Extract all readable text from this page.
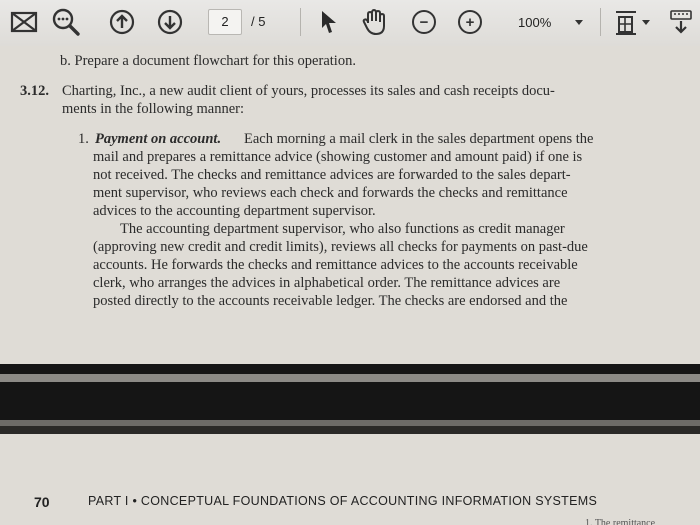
2	/ 5	−	+	100%
b. Prepare a document flowchart for this operation.
3.12. Charting, Inc., a new audit client of yours, processes its sales and cash receipts docu-
ments in the following manner:
1. Payment on account. Each morning a mail clerk in the sales department opens the
mail and prepares a remittance advice (showing customer and amount paid) if one is
not received. The checks and remittance advices are forwarded to the sales depart-
ment supervisor, who reviews each check and forwards the checks and remittance
advices to the accounting department supervisor.
The accounting department supervisor, who also functions as credit manager
(approving new credit and credit limits), reviews all checks for payments on past-due
accounts. He forwards the checks and remittance advices to the accounts receivable
clerk, who arranges the advices in alphabetical order. The remittance advices are
posted directly to the accounts receivable ledger. The checks are endorsed and the
70	PART I • CONCEPTUAL FOUNDATIONS OF ACCOUNTING INFORMATION SYSTEMS
1. The remittance
